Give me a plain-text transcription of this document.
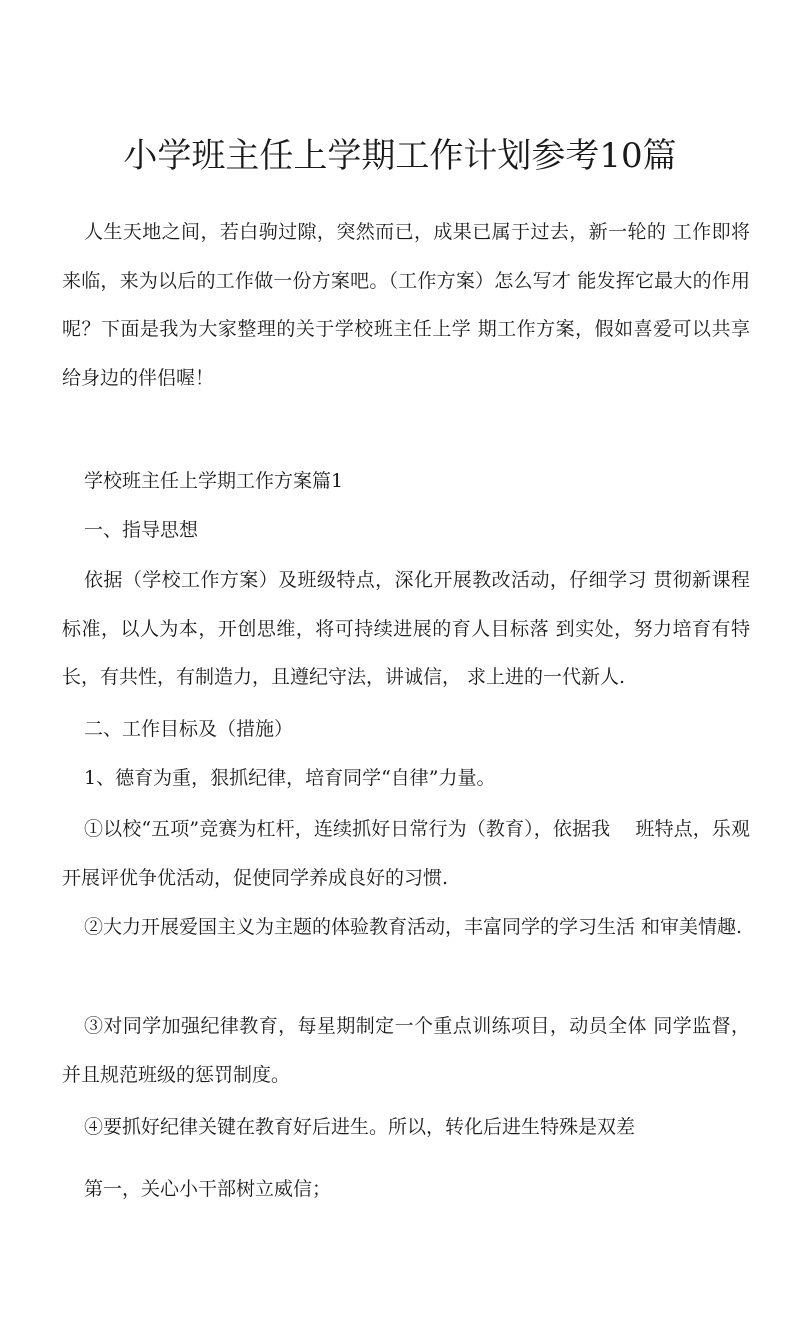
小学班主任上学期工作计划参考10篇

人生天地之间，若白驹过隙，突然而已，成果已属于过去，新一轮的 工作即将来临，来为以后的工作做一份方案吧。（工作方案）怎么写才 能发挥它最大的作用呢？下面是我为大家整理的关于学校班主任上学 期工作方案，假如喜爱可以共享给身边的伴侣喔！

学校班主任上学期工作方案篇1

一、指导思想

依据（学校工作方案）及班级特点，深化开展教改活动，仔细学习 贯彻新课程标准，以人为本，开创思维，将可持续进展的育人目标落 到实处，努力培育有特长，有共性，有制造力，且遵纪守法，讲诚信， 求上进的一代新人.

二、工作目标及（措施）

1、德育为重，狠抓纪律，培育同学“自律”力量。

①以校“五项”竞赛为杠杆，连续抓好日常行为（教育），依据我　 班特点，乐观开展评优争优活动，促使同学养成良好的习惯.

②大力开展爱国主义为主题的体验教育活动，丰富同学的学习生活 和审美情趣.

③对同学加强纪律教育，每星期制定一个重点训练项目，动员全体 同学监督，并且规范班级的惩罚制度。

④要抓好纪律关键在教育好后进生。所以，转化后进生特殊是双差

第一，关心小干部树立威信；
